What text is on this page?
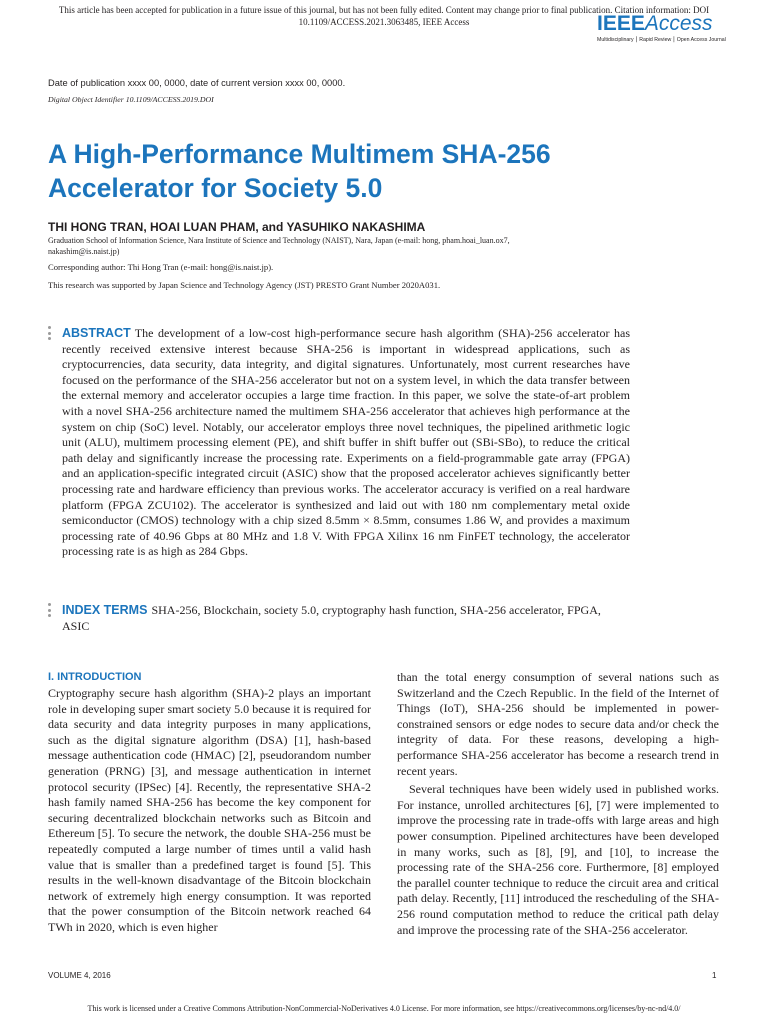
This article has been accepted for publication in a future issue of this journal, but has not been fully edited. Content may change prior to final publication. Citation information: DOI
10.1109/ACCESS.2021.3063485, IEEE Access	IEEEAccess
Multidisciplinary ⎮ Rapid Review ⎮ Open Access Journal
Date of publication xxxx 00, 0000, date of current version xxxx 00, 0000.
Digital Object Identifier 10.1109/ACCESS.2019.DOI
A High-Performance Multimem SHA-256 Accelerator for Society 5.0
THI HONG TRAN, HOAI LUAN PHAM, and YASUHIKO NAKASHIMA
Graduation School of Information Science, Nara Institute of Science and Technology (NAIST), Nara, Japan (e-mail: hong, pham.hoai_luan.ox7, nakashim@is.naist.jp)
Corresponding author: Thi Hong Tran (e-mail: hong@is.naist.jp).
This research was supported by Japan Science and Technology Agency (JST) PRESTO Grant Number 2020A031.
ABSTRACT The development of a low-cost high-performance secure hash algorithm (SHA)-256 accelerator has recently received extensive interest because SHA-256 is important in widespread applications, such as cryptocurrencies, data security, data integrity, and digital signatures. Unfortunately, most current researches have focused on the performance of the SHA-256 accelerator but not on a system level, in which the data transfer between the external memory and accelerator occupies a large time fraction. In this paper, we solve the state-of-art problem with a novel SHA-256 architecture named the multimem SHA-256 accelerator that achieves high performance at the system on chip (SoC) level. Notably, our accelerator employs three novel techniques, the pipelined arithmetic logic unit (ALU), multimem processing element (PE), and shift buffer in shift buffer out (SBi-SBo), to reduce the critical path delay and significantly increase the processing rate. Experiments on a field-programmable gate array (FPGA) and an application-specific integrated circuit (ASIC) show that the proposed accelerator achieves significantly better processing rate and hardware efficiency than previous works. The accelerator accuracy is verified on a real hardware platform (FPGA ZCU102). The accelerator is synthesized and laid out with 180 nm complementary metal oxide semiconductor (CMOS) technology with a chip sized 8.5mm × 8.5mm, consumes 1.86 W, and provides a maximum processing rate of 40.96 Gbps at 80 MHz and 1.8 V. With FPGA Xilinx 16 nm FinFET technology, the accelerator processing rate is as high as 284 Gbps.
INDEX TERMS SHA-256, Blockchain, society 5.0, cryptography hash function, SHA-256 accelerator, FPGA, ASIC
I. INTRODUCTION
Cryptography secure hash algorithm (SHA)-2 plays an important role in developing super smart society 5.0 because it is required for data security and data integrity purposes in many applications, such as the digital signature algorithm (DSA) [1], hash-based message authentication code (HMAC) [2], pseudorandom number generation (PRNG) [3], and message authentication in internet protocol security (IPSec) [4]. Recently, the representative SHA-2 hash family named SHA-256 has become the key component for securing decentralized blockchain networks such as Bitcoin and Ethereum [5]. To secure the network, the double SHA-256 must be repeatedly computed a large number of times until a valid hash value that is smaller than a predefined target is found [5]. This results in the well-known disadvantage of the Bitcoin blockchain network of extremely high energy consumption. It was reported that the power consumption of the Bitcoin network reached 64 TWh in 2020, which is even higher

than the total energy consumption of several nations such as Switzerland and the Czech Republic. In the field of the Internet of Things (IoT), SHA-256 should be implemented in power-constrained sensors or edge nodes to secure data and/or check the integrity of data. For these reasons, developing a high-performance SHA-256 accelerator has become a research trend in recent years.

Several techniques have been widely used in published works. For instance, unrolled architectures [6], [7] were implemented to improve the processing rate in trade-offs with large areas and high power consumption. Pipelined architectures have been developed in many works, such as [8], [9], and [10], to increase the processing rate of the SHA-256 core. Furthermore, [8] employed the parallel counter technique to reduce the circuit area and critical path delay. Recently, [11] introduced the rescheduling of the SHA-256 round computation method to reduce the critical path delay and improve the processing rate of the SHA-256 accelerator.

VOLUME 4, 2016	1
This work is licensed under a Creative Commons Attribution-NonCommercial-NoDerivatives 4.0 License. For more information, see https://creativecommons.org/licenses/by-nc-nd/4.0/
